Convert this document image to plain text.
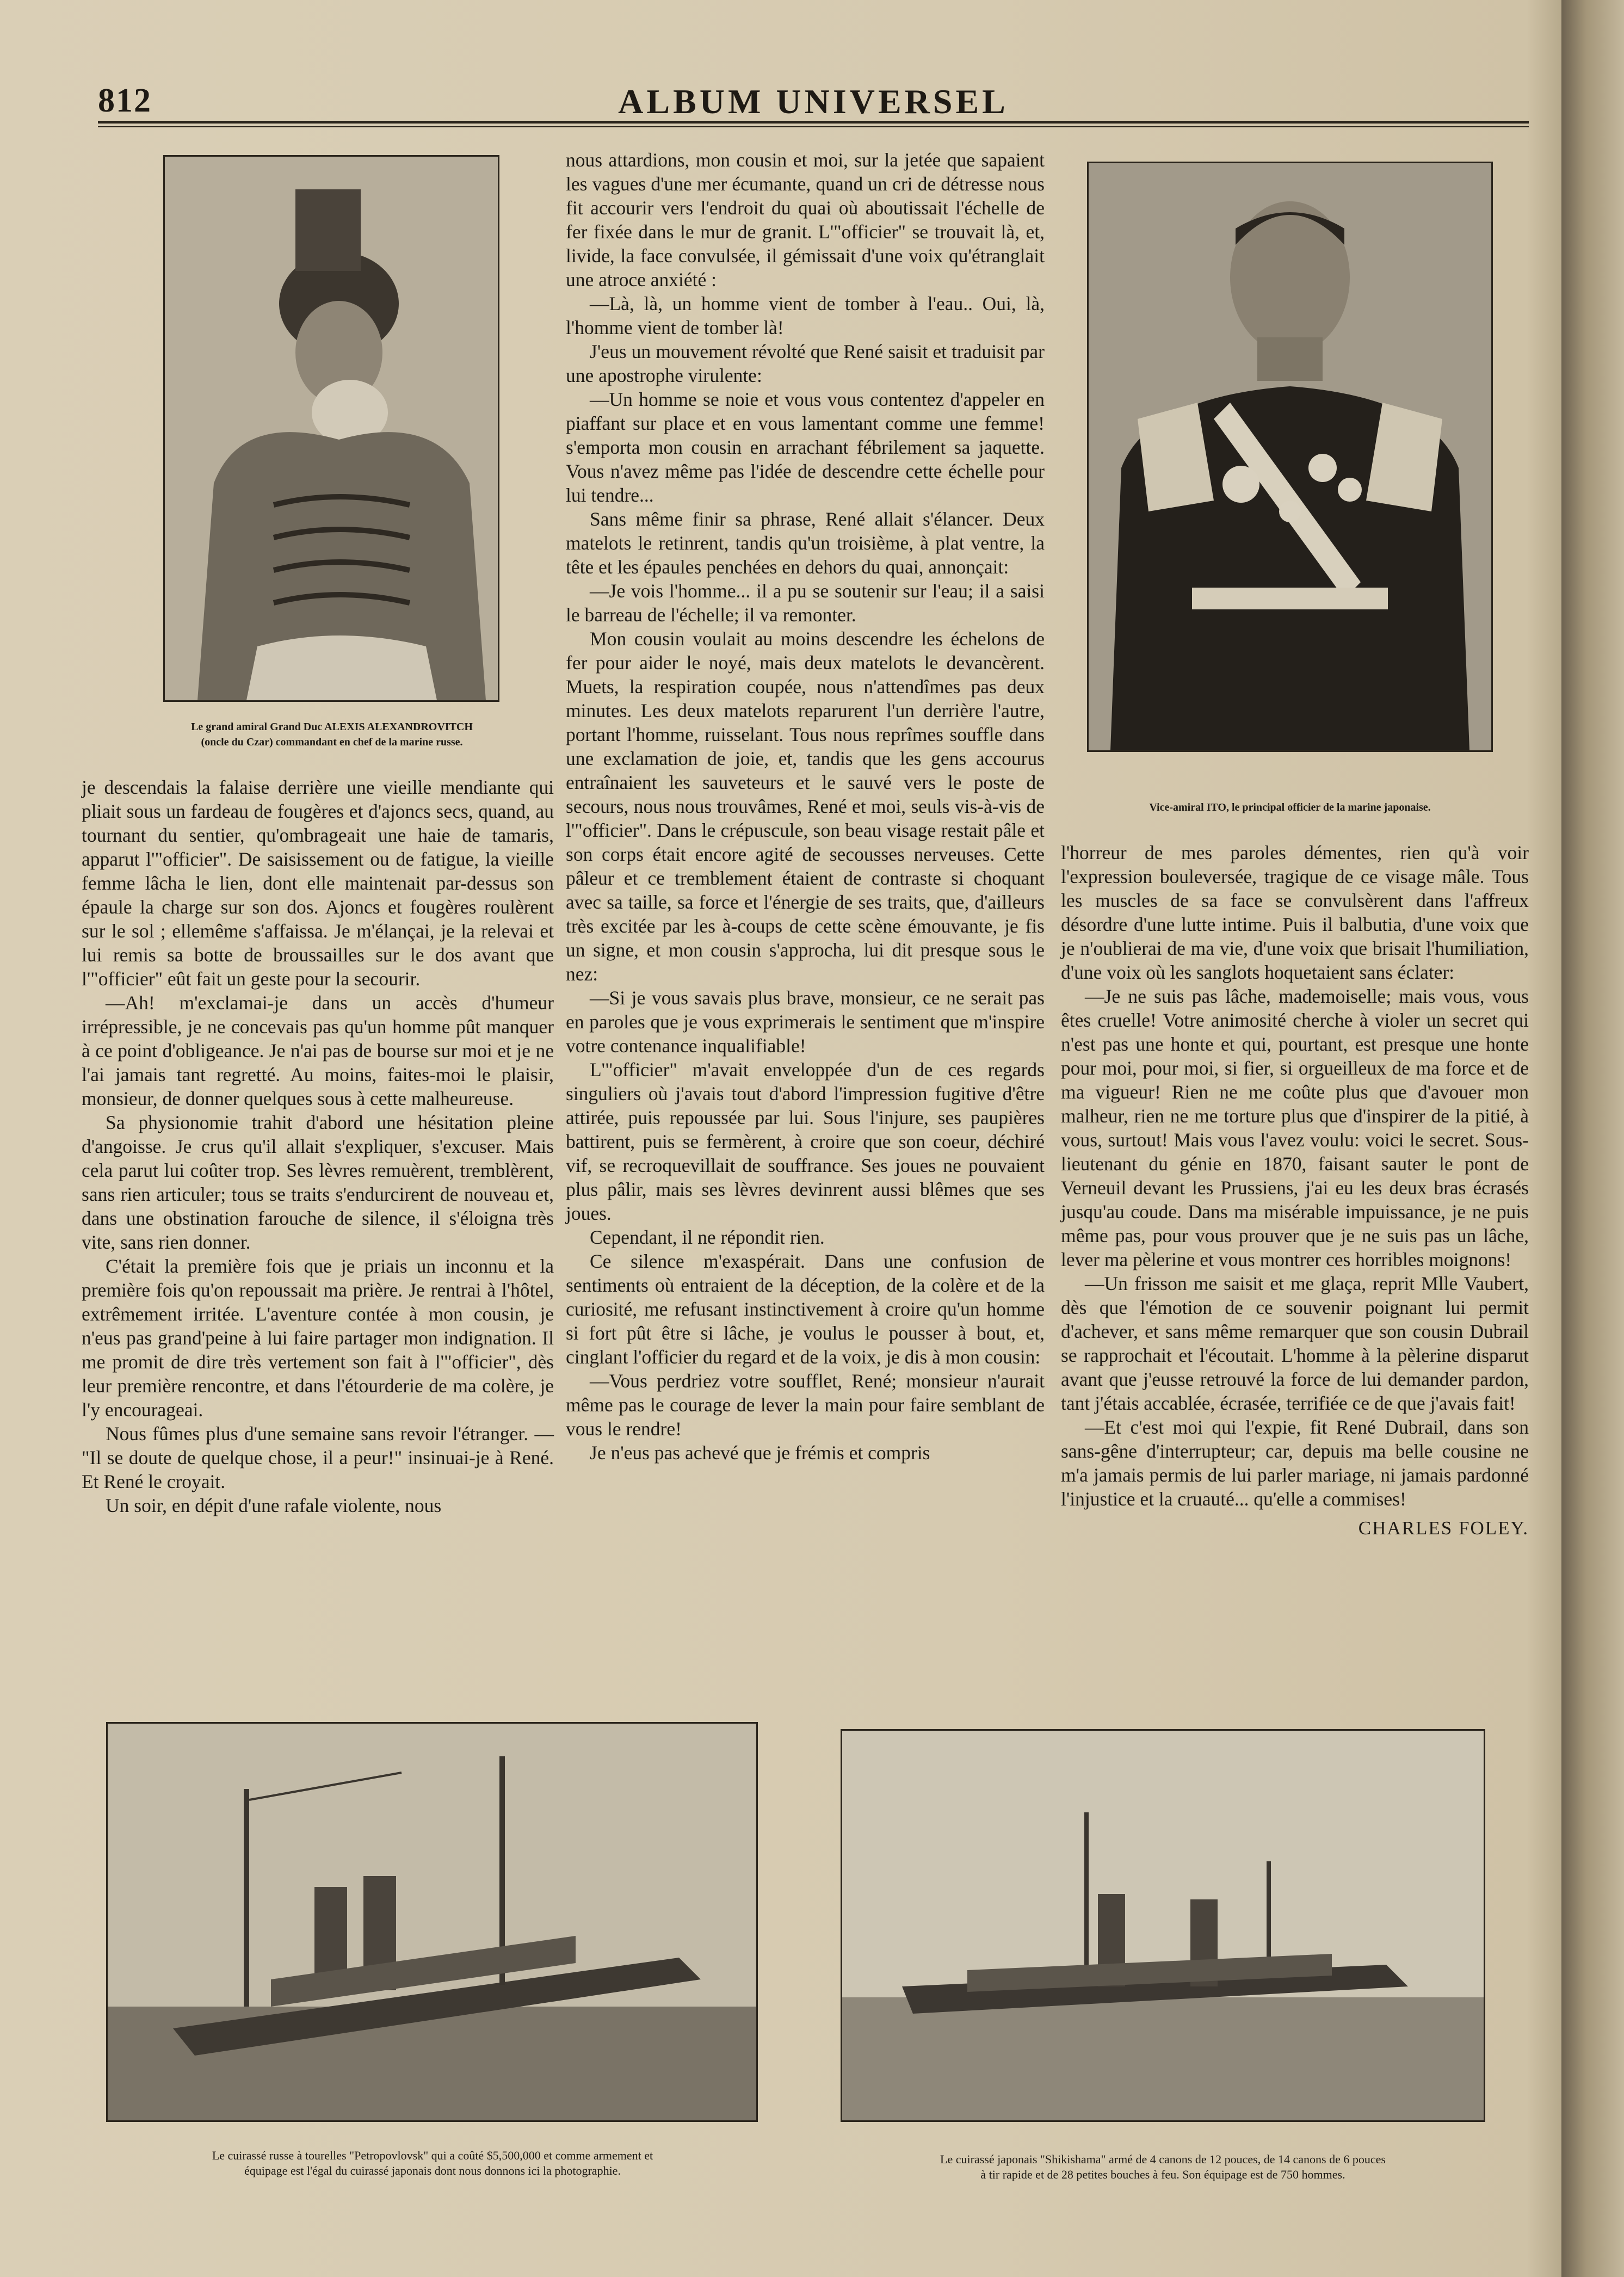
812	ALBUM UNIVERSEL
Le grand amiral Grand Duc ALEXIS ALEXANDROVITCH
(oncle du Czar) commandant en chef de la marine russe.
Vice-amiral ITO, le principal officier de la marine japonaise.

je descendais la falaise derrière une vieille mendiante qui pliait sous un fardeau de fougères et d'ajoncs secs, quand, au tournant du sentier, qu'ombrageait une haie de tamaris, apparut l'"officier". De saisissement ou de fatigue, la vieille femme lâcha le lien, dont elle maintenait par-dessus son épaule la charge sur son dos. Ajoncs et fougères roulèrent sur le sol ; ellemême s'affaissa. Je m'élançai, je la relevai et lui remis sa botte de broussailles sur le dos avant que l'"officier" eût fait un geste pour la secourir.

—Ah! m'exclamai-je dans un accès d'humeur irrépressible, je ne concevais pas qu'un homme pût manquer à ce point d'obligeance. Je n'ai pas de bourse sur moi et je ne l'ai jamais tant regretté. Au moins, faites-moi le plaisir, monsieur, de donner quelques sous à cette malheureuse.

Sa physionomie trahit d'abord une hésitation pleine d'angoisse. Je crus qu'il allait s'expliquer, s'excuser. Mais cela parut lui coûter trop. Ses lèvres remuèrent, tremblèrent, sans rien articuler; tous se traits s'endurcirent de nouveau et, dans une obstination farouche de silence, il s'éloigna très vite, sans rien donner.

C'était la première fois que je priais un inconnu et la première fois qu'on repoussait ma prière. Je rentrai à l'hôtel, extrêmement irritée. L'aventure contée à mon cousin, je n'eus pas grand'peine à lui faire partager mon indignation. Il me promit de dire très vertement son fait à l'"officier", dès leur première rencontre, et dans l'étourderie de ma colère, je l'y encourageai.

Nous fûmes plus d'une semaine sans revoir l'étranger. — "Il se doute de quelque chose, il a peur!" insinuai-je à René. Et René le croyait.

Un soir, en dépit d'une rafale violente, nous

nous attardions, mon cousin et moi, sur la jetée que sapaient les vagues d'une mer écumante, quand un cri de détresse nous fit accourir vers l'endroit du quai où aboutissait l'échelle de fer fixée dans le mur de granit. L'"officier" se trouvait là, et, livide, la face convulsée, il gémissait d'une voix qu'étranglait une atroce anxiété :

—Là, là, un homme vient de tomber à l'eau.. Oui, là, l'homme vient de tomber là!

J'eus un mouvement révolté que René saisit et traduisit par une apostrophe virulente:

—Un homme se noie et vous vous contentez d'appeler en piaffant sur place et en vous lamentant comme une femme! s'emporta mon cousin en arrachant fébrilement sa jaquette. Vous n'avez même pas l'idée de descendre cette échelle pour lui tendre...

Sans même finir sa phrase, René allait s'élancer. Deux matelots le retinrent, tandis qu'un troisième, à plat ventre, la tête et les épaules penchées en dehors du quai, annonçait:

—Je vois l'homme... il a pu se soutenir sur l'eau; il a saisi le barreau de l'échelle; il va remonter.

Mon cousin voulait au moins descendre les échelons de fer pour aider le noyé, mais deux matelots le devancèrent. Muets, la respiration coupée, nous n'attendîmes pas deux minutes. Les deux matelots reparurent l'un derrière l'autre, portant l'homme, ruisselant. Tous nous reprîmes souffle dans une exclamation de joie, et, tandis que les gens accourus entraînaient les sauveteurs et le sauvé vers le poste de secours, nous nous trouvâmes, René et moi, seuls vis-à-vis de l'"officier". Dans le crépuscule, son beau visage restait pâle et son corps était encore agité de secousses nerveuses. Cette pâleur et ce tremblement étaient de contraste si choquant avec sa taille, sa force et l'énergie de ses traits, que, d'ailleurs très excitée par les à-coups de cette scène émouvante, je fis un signe, et mon cousin s'approcha, lui dit presque sous le nez:

—Si je vous savais plus brave, monsieur, ce ne serait pas en paroles que je vous exprimerais le sentiment que m'inspire votre contenance inqualifiable!

L'"officier" m'avait enveloppée d'un de ces regards singuliers où j'avais tout d'abord l'impression fugitive d'être attirée, puis repoussée par lui. Sous l'injure, ses paupières battirent, puis se fermèrent, à croire que son coeur, déchiré vif, se recroquevillait de souffrance. Ses joues ne pouvaient plus pâlir, mais ses lèvres devinrent aussi blêmes que ses joues.

Cependant, il ne répondit rien.

Ce silence m'exaspérait. Dans une confusion de sentiments où entraient de la déception, de la colère et de la curiosité, me refusant instinctivement à croire qu'un homme si fort pût être si lâche, je voulus le pousser à bout, et, cinglant l'officier du regard et de la voix, je dis à mon cousin:

—Vous perdriez votre soufflet, René; monsieur n'aurait même pas le courage de lever la main pour faire semblant de vous le rendre!

Je n'eus pas achevé que je frémis et compris

l'horreur de mes paroles démentes, rien qu'à voir l'expression bouleversée, tragique de ce visage mâle. Tous les muscles de sa face se convulsèrent dans l'affreux désordre d'une lutte intime. Puis il balbutia, d'une voix que je n'oublierai de ma vie, d'une voix que brisait l'humiliation, d'une voix où les sanglots hoquetaient sans éclater:

—Je ne suis pas lâche, mademoiselle; mais vous, vous êtes cruelle! Votre animosité cherche à violer un secret qui n'est pas une honte et qui, pourtant, est presque une honte pour moi, pour moi, si fier, si orgueilleux de ma force et de ma vigueur! Rien ne me coûte plus que d'avouer mon malheur, rien ne me torture plus que d'inspirer de la pitié, à vous, surtout! Mais vous l'avez voulu: voici le secret. Sous-lieutenant du génie en 1870, faisant sauter le pont de Verneuil devant les Prussiens, j'ai eu les deux bras écrasés jusqu'au coude. Dans ma misérable impuissance, je ne puis même pas, pour vous prouver que je ne suis pas un lâche, lever ma pèlerine et vous montrer ces horribles moignons!

—Un frisson me saisit et me glaça, reprit Mlle Vaubert, dès que l'émotion de ce souvenir poignant lui permit d'achever, et sans même remarquer que son cousin Dubrail se rapprochait et l'écoutait. L'homme à la pèlerine disparut avant que j'eusse retrouvé la force de lui demander pardon, tant j'étais accablée, écrasée, terrifiée ce de que j'avais fait!

—Et c'est moi qui l'expie, fit René Dubrail, dans son sans-gêne d'interrupteur; car, depuis ma belle cousine ne m'a jamais permis de lui parler mariage, ni jamais pardonné l'injustice et la cruauté... qu'elle a commises!

CHARLES FOLEY.
Le cuirassé russe à tourelles "Petropovlovsk" qui a coûté $5,500,000 et comme armement et
équipage est l'égal du cuirassé japonais dont nous donnons ici la photographie.
Le cuirassé japonais "Shikishama" armé de 4 canons de 12 pouces, de 14 canons de 6 pouces
à tir rapide et de 28 petites bouches à feu. Son équipage est de 750 hommes.
